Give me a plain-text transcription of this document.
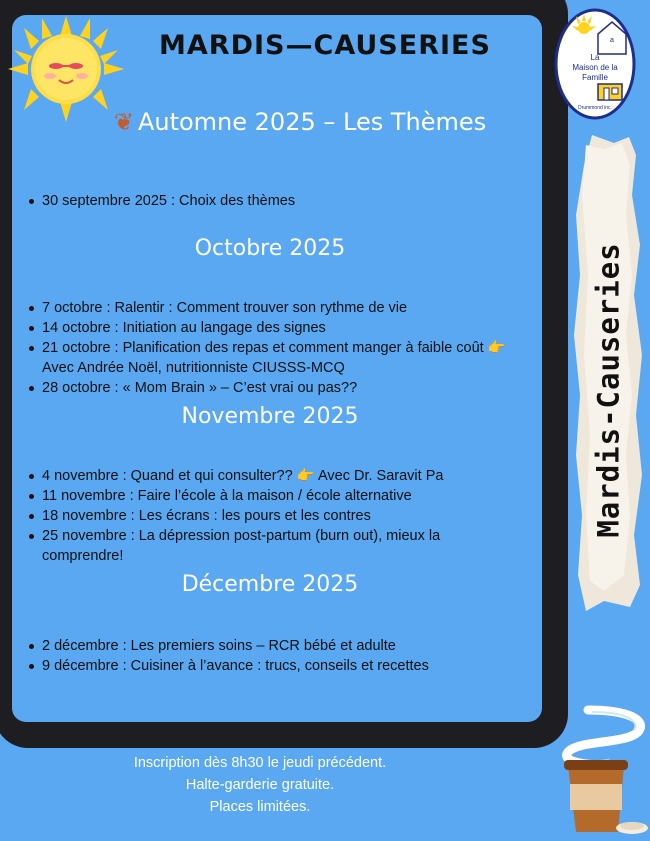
MARDIS—CAUSERIES
❦ Automne 2025 – Les Thèmes
30 septembre 2025 : Choix des thèmes
Octobre 2025
7 octobre : Ralentir : Comment trouver son rythme de vie
14 octobre : Initiation au langage des signes
21 octobre : Planification des repas et comment manger à faible coût 👉 Avec Andrée Noël, nutritionniste CIUSSS-MCQ
28 octobre : « Mom Brain » – C’est vrai ou pas??
Novembre 2025
4 novembre : Quand et qui consulter?? 👉 Avec Dr. Saravit Pa
11 novembre : Faire l’école à la maison / école alternative
18 novembre : Les écrans : les pours et les contres
25 novembre : La dépression post-partum (burn out), mieux la comprendre!
Décembre 2025
2 décembre : Les premiers soins – RCR bébé et adulte
9 décembre : Cuisiner à l’avance : trucs, conseils et recettes
Inscription dès 8h30 le jeudi précédent.
Halte-garderie gratuite.
Places limitées.
a
La
Maison de la
Famille
Drummond inc.
Mardis-Causeries
